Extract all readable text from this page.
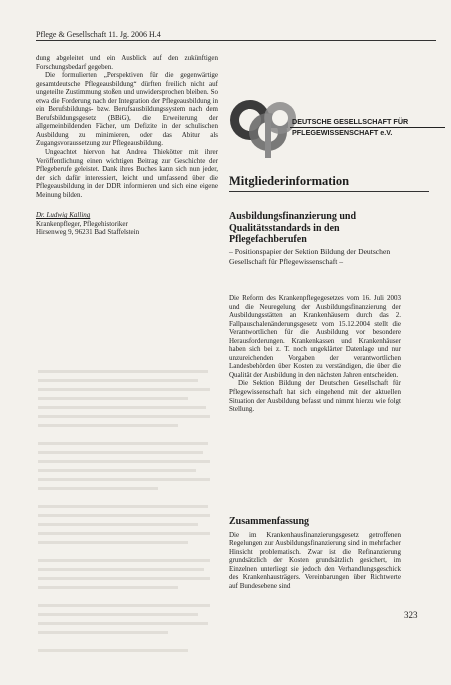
Pflege & Gesellschaft 11. Jg. 2006 H.4

dung abgeleitet und ein Ausblick auf den zukünftigen Forschungsbedarf gegeben.

Die formulierten „Perspektiven für die gegenwärtige gesamtdeutsche Pflegeausbildung“ dürften freilich nicht auf ungeteilte Zustimmung stoßen und unwidersprochen bleiben. So etwa die Forderung nach der Integration der Pflegeausbildung in ein Berufsbildungs- bzw. Berufsausbildungssystem nach dem Berufsbildungsgesetz (BBiG), die Erweiterung der allgemeinbildenden Fächer, um Defizite in der schulischen Ausbildung zu minimieren, oder das Abitur als Zugangsvoraussetzung zur Pflegeausbildung.

Ungeachtet hiervon hat Andrea Thiekötter mit ihrer Veröffentlichung einen wichtigen Beitrag zur Geschichte der Pflegeberufe geleistet. Dank ihres Buches kann sich nun jeder, der sich dafür interessiert, leicht und umfassend über die Pflegeausbildung in der DDR informieren und sich eine eigene Meinung bilden.

Dr. Ludwig Kalling

Krankenpfleger, Pflegehistoriker

Hirsenweg 9, 96231 Bad Staffelstein

DEUTSCHE GESELLSCHAFT FÜR
PFLEGEWISSENSCHAFT e.V.
Mitgliederinformation
Ausbildungsfinanzierung und Qualitätsstandards in den Pflegefachberufen
– Positionspapier der Sektion Bildung der Deutschen Gesellschaft für Pflegewissenschaft –

Die Reform des Krankenpflegegesetzes vom 16. Juli 2003 und die Neuregelung der Ausbildungsfinanzierung der Ausbildungsstätten an Krankenhäusern durch das 2. Fallpauschalenänderungsgesetz vom 15.12.2004 stellt die Verantwortlichen für die Ausbildung vor besondere Herausforderungen. Krankenkassen und Krankenhäuser haben sich bei z. T. noch ungeklärter Datenlage und nur unzureichenden Vorgaben der verantwortlichen Landesbehörden über Kosten zu verständigen, die über die Qualität der Ausbildung in den nächsten Jahren entscheiden.

Die Sektion Bildung der Deutschen Gesellschaft für Pflegewissenschaft hat sich eingehend mit der aktuellen Situation der Ausbildung befasst und nimmt hierzu wie folgt Stellung.

Zusammenfassung
Die im Krankenhausfinanzierungsgesetz getroffenen Regelungen zur Ausbildungsfinanzierung sind in mehrfacher Hinsicht problematisch. Zwar ist die Refinanzierung grundsätzlich der Kosten grundsätzlich gesichert, im Einzelnen unterliegt sie jedoch den Verhandlungsgeschick des Krankenhausträgers. Vereinbarungen über Richtwerte auf Bundesebene sind
323
